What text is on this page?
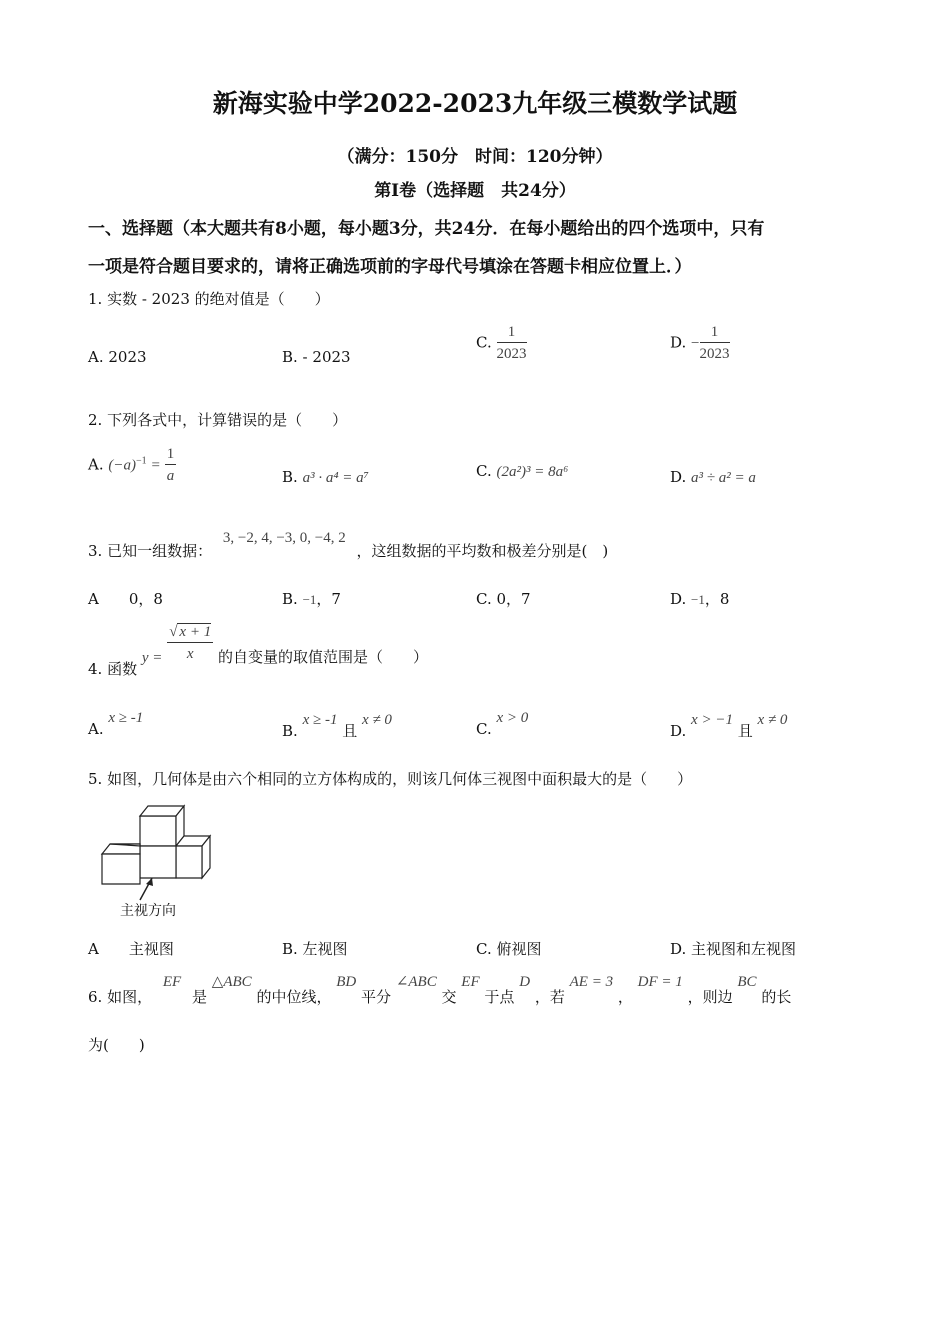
新海实验中学2022-2023九年级三模数学试题
（满分：150分　时间：120分钟）
第Ⅰ卷（选择题　共24分）
一、选择题（本大题共有8小题，每小题3分，共24分．在每小题给出的四个选项中，只有
一项是符合题目要求的，请将正确选项前的字母代号填涂在答题卡相应位置上．）
1. 实数 - 2023 的绝对值是（　　）
A. 2023	B. - 2023
C. $\frac{1}{2023}$	D. − $\frac{1}{2023}$
2. 下列各式中，计算错误的是（　　）
A. $(-a)^{-1} = \frac{1}{a}$	B. a³ · a⁴ = a⁷	C. (2a²)³ = 8a⁶	D. a³ ÷ a² = a
3. 已知一组数据： 3, −2, 4, −3, 0, −4, 2 ，这组数据的平均数和极差分别是(　)
A　　0，8	B. −1，7	C. 0，7	D. −1，8
4. 函数 $y = \frac{√ x + 1}{x}$ 的自变量的取值范围是（　　）
A. x ≥ -1
B. x ≥ -1 且 x ≠ 0	C. x > 0
D. x > −1 且 x ≠ 0
5. 如图，几何体是由六个相同的立方体构成的，则该几何体三视图中面积最大的是（　　）
主视方向
A　　主视图	B. 左视图	C. 俯视图	D. 主视图和左视图
6. 如图， EF 是 △ABC 的中位线， BD 平分 ∠ABC 交 EF 于点 D ，若 AE = 3 ， DF = 1 ，则边 BC 的长
为(　　)
